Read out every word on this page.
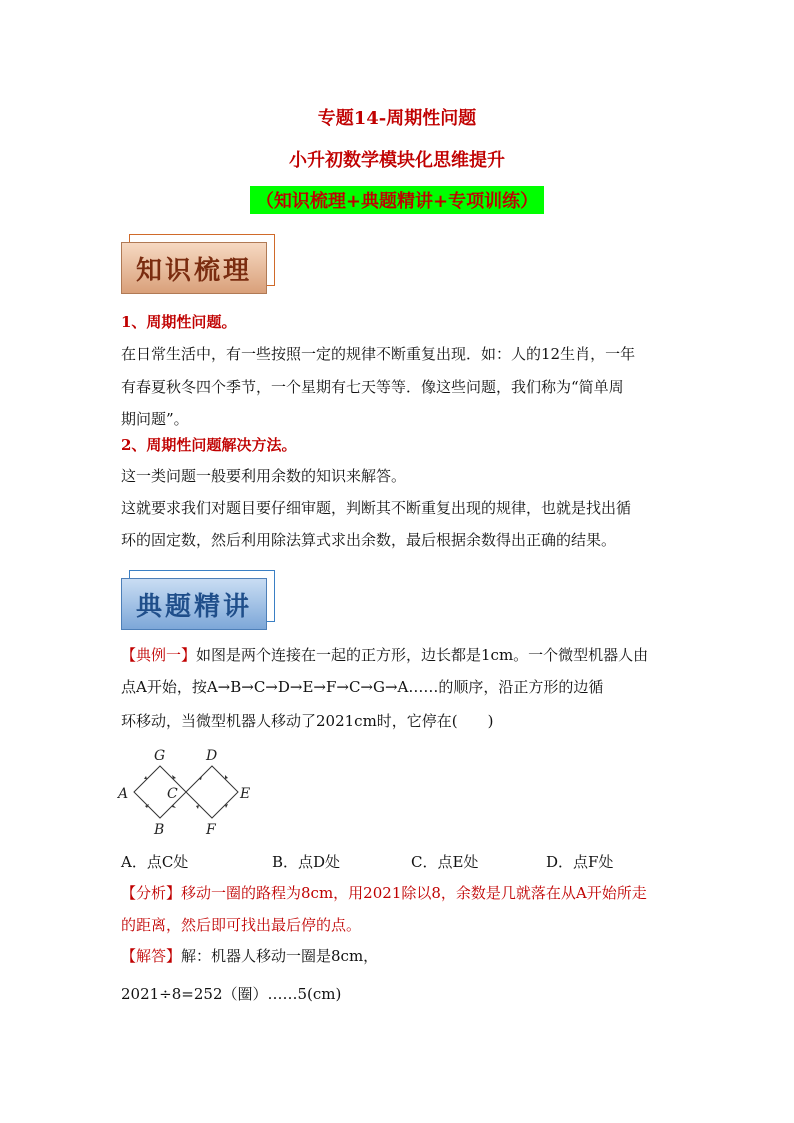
专题14-周期性问题
小升初数学模块化思维提升
（知识梳理+典题精讲+专项训练）
知识梳理
1、周期性问题。
在日常生活中，有一些按照一定的规律不断重复出现．如：人的12生肖，一年
有春夏秋冬四个季节，一个星期有七天等等．像这些问题，我们称为“简单周
期问题”。
2、周期性问题解决方法。
这一类问题一般要利用余数的知识来解答。
这就要求我们对题目要仔细审题，判断其不断重复出现的规律，也就是找出循
环的固定数，然后利用除法算式求出余数，最后根据余数得出正确的结果。
典题精讲
【典例一】如图是两个连接在一起的正方形，边长都是1cm。一个微型机器人由
点A开始，按A→B→C→D→E→F→C→G→A……的顺序，沿正方形的边循
环移动，当微型机器人移动了2021cm时，它停在(　　)
A
B
C
D
E
F
G
A．点C处	B．点D处	C．点E处	D．点F处
【分析】移动一圈的路程为8cm，用2021除以8，余数是几就落在从A开始所走
的距离，然后即可找出最后停的点。
【解答】解：机器人移动一圈是8cm，
2021÷8=252（圈）……5(cm)
